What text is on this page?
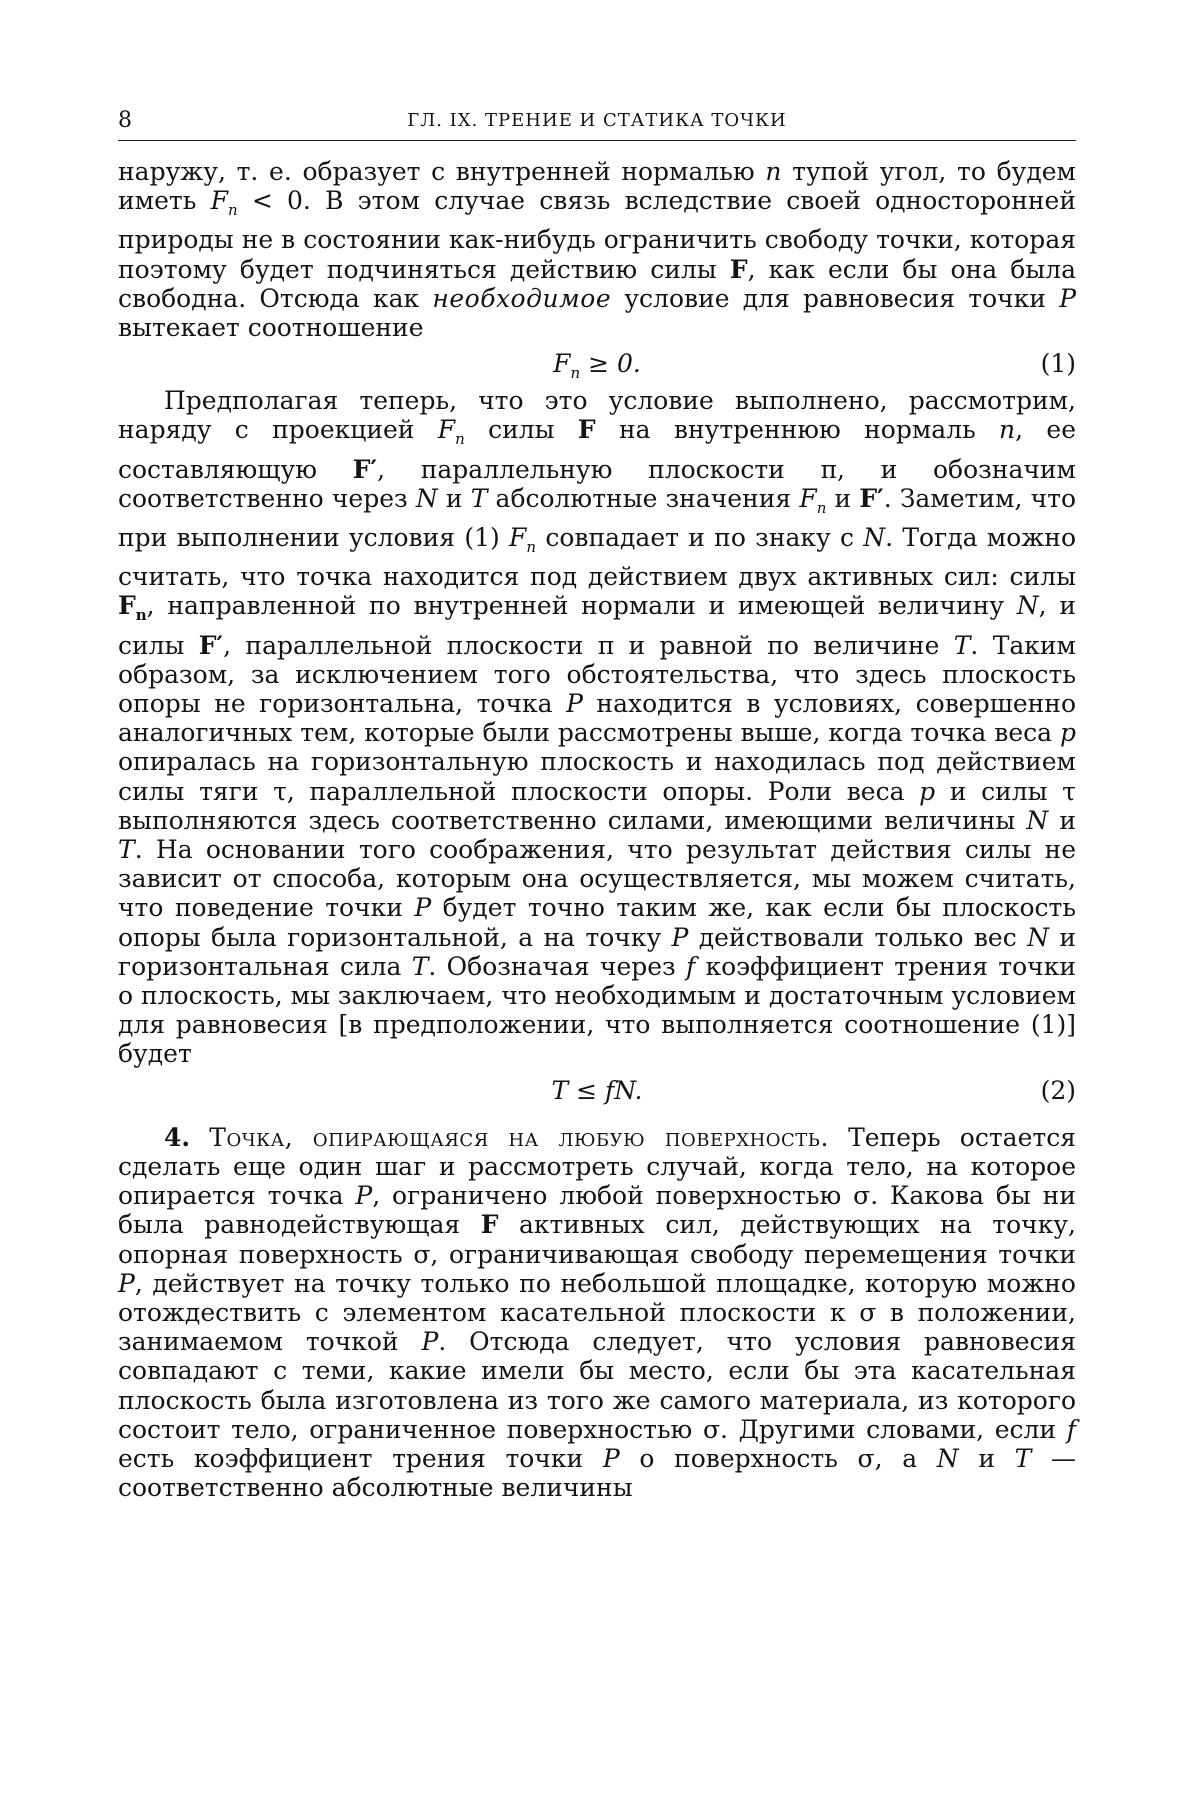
8	ГЛ. IX. ТРЕНИЕ И СТАТИКА ТОЧКИ

наружу, т. е. образует с внутренней нормалью n тупой угол, то будем иметь $F_n < 0$. В этом случае связь вследствие своей односторонней природы не в состоянии как-нибудь ограничить свободу точки, которая поэтому будет подчиняться действию силы F, как если бы она была свободна. Отсюда как необходимое условие для равновесия точки P вытекает соотношение

$F_n \ge 0$.	(1)

Предполагая теперь, что это условие выполнено, рассмотрим, наряду с проекцией $F_n$ силы F на внутреннюю нормаль n, ее составляющую F′, параллельную плоскости π, и обозначим соответственно через N и T абсолютные значения $F_n$ и F′. Заметим, что при выполнении условия (1) $F_n$ совпадает и по знаку с N. Тогда можно считать, что точка находится под действием двух активных сил: силы $F_n$, направленной по внутренней нормали и имеющей величину N, и силы F′, параллельной плоскости π и равной по величине T. Таким образом, за исключением того обстоятельства, что здесь плоскость опоры не горизонтальна, точка P находится в условиях, совершенно аналогичных тем, которые были рассмотрены выше, когда точка веса p опиралась на горизонтальную плоскость и находилась под действием силы тяги τ, параллельной плоскости опоры. Роли веса p и силы τ выполняются здесь соответственно силами, имеющими величины N и T. На основании того соображения, что результат действия силы не зависит от способа, которым она осуществляется, мы можем считать, что поведение точки P будет точно таким же, как если бы плоскость опоры была горизонтальной, а на точку P действовали только вес N и горизонтальная сила T. Обозначая через f коэффициент трения точки о плоскость, мы заключаем, что необходимым и достаточным условием для равновесия [в предположении, что выполняется соотношение (1)] будет

T ≤ fN.	(2)

4. Точка, опирающаяся на любую поверхность. Теперь остается сделать еще один шаг и рассмотреть случай, когда тело, на которое опирается точка P, ограничено любой поверхностью σ. Какова бы ни была равнодействующая F активных сил, действующих на точку, опорная поверхность σ, ограничивающая свободу перемещения точки P, действует на точку только по небольшой площадке, которую можно отождествить с элементом касательной плоскости к σ в положении, занимаемом точкой P. Отсюда следует, что условия равновесия совпадают с теми, какие имели бы место, если бы эта касательная плоскость была изготовлена из того же самого материала, из которого состоит тело, ограниченное поверхностью σ. Другими словами, если f есть коэффициент трения точки P о поверхность σ, а N и T — соответственно абсолютные величины
